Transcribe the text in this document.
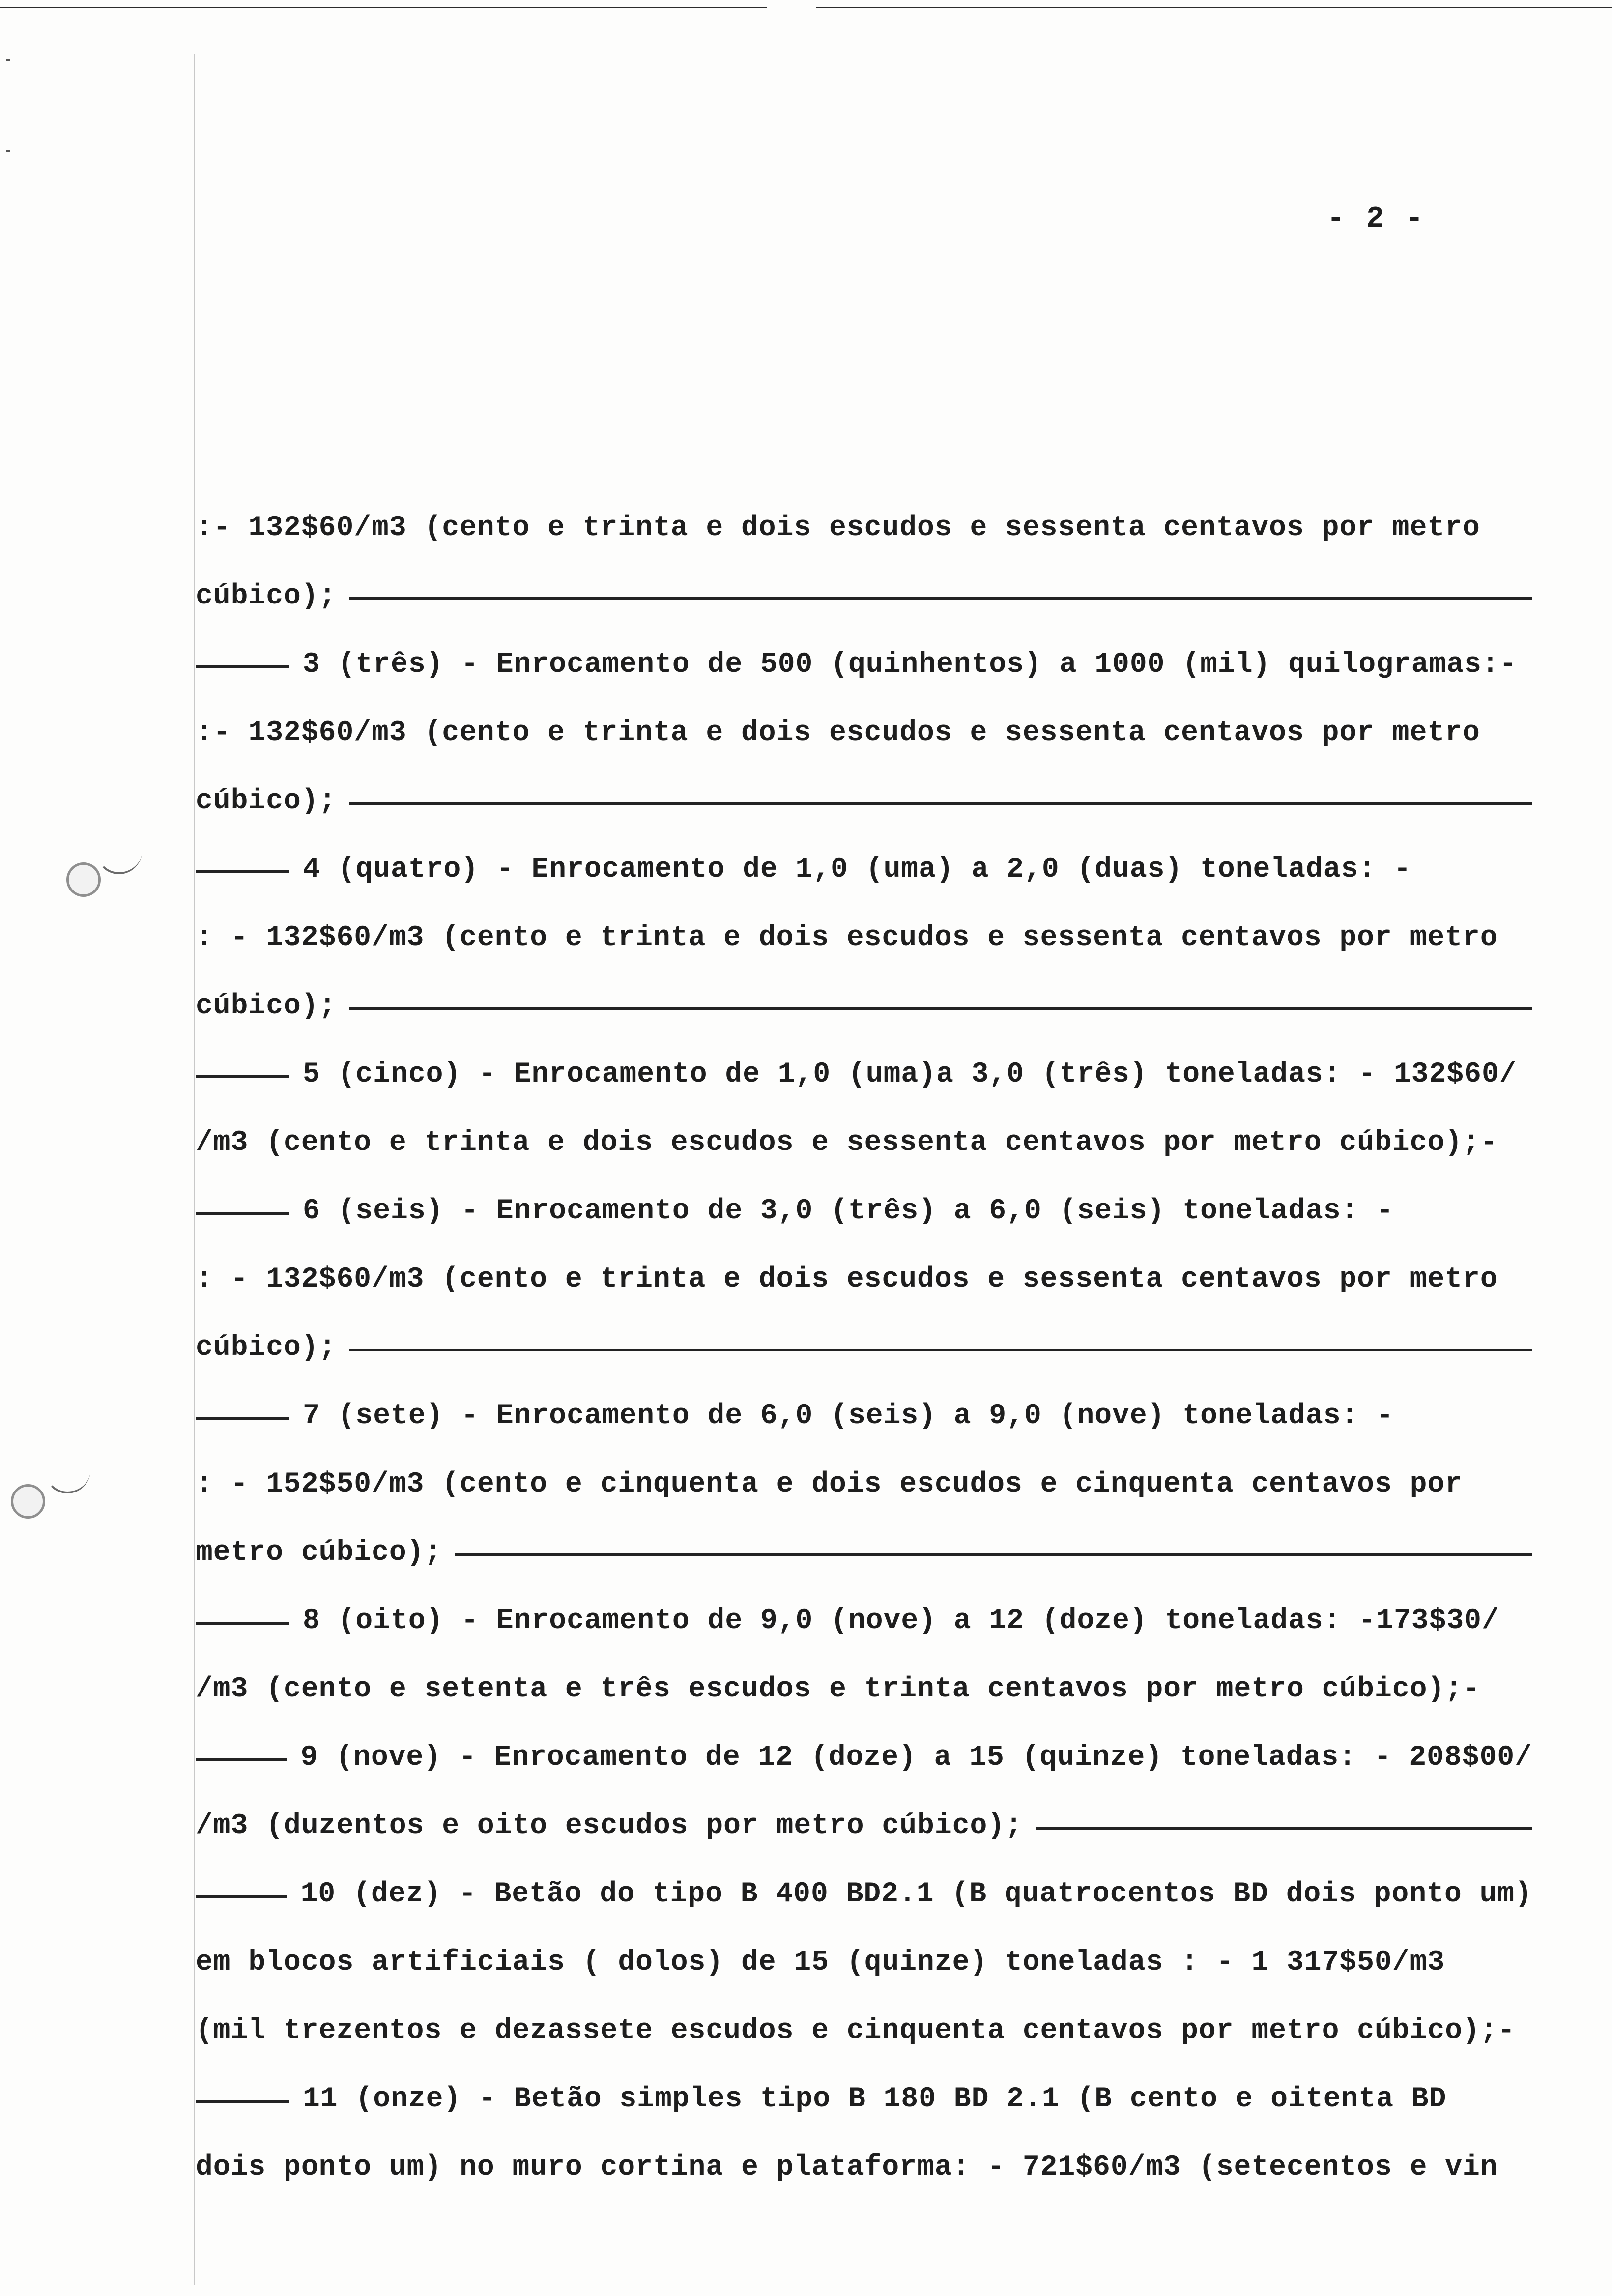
- 2 -
:- 132$60/m3 (cento e trinta e dois escudos e sessenta centavos por metro
cúbico);
3 (três) - Enrocamento de 500 (quinhentos) a 1000 (mil) quilogramas:-
:- 132$60/m3 (cento e trinta e dois escudos e sessenta centavos por metro
cúbico);
4 (quatro) - Enrocamento de 1,0 (uma) a 2,0 (duas) toneladas: -
: - 132$60/m3 (cento e trinta e dois escudos e sessenta centavos por metro
cúbico);
5 (cinco) - Enrocamento de 1,0 (uma)a 3,0 (três) toneladas: - 132$60/
/m3 (cento e trinta e dois escudos e sessenta centavos por metro cúbico);-
6 (seis) - Enrocamento de 3,0 (três) a 6,0 (seis) toneladas: -
: - 132$60/m3 (cento e trinta e dois escudos e sessenta centavos por metro
cúbico);
7 (sete) - Enrocamento de 6,0 (seis) a 9,0 (nove) toneladas: -
: - 152$50/m3 (cento e cinquenta e dois escudos e cinquenta centavos por
metro cúbico);
8 (oito) - Enrocamento de 9,0 (nove) a 12 (doze) toneladas: -173$30/
/m3 (cento e setenta e três escudos e trinta centavos por metro cúbico);-
9 (nove) - Enrocamento de 12 (doze) a 15 (quinze) toneladas: - 208$00/
/m3 (duzentos e oito escudos por metro cúbico);
10 (dez) - Betão do tipo B 400 BD2.1 (B quatrocentos BD dois ponto um)
em blocos artificiais ( dolos) de 15 (quinze) toneladas : - 1 317$50/m3
(mil trezentos e dezassete escudos e cinquenta centavos por metro cúbico);-
11 (onze) - Betão simples tipo B 180 BD 2.1 (B cento e oitenta BD
dois ponto um) no muro cortina e plataforma: - 721$60/m3 (setecentos e vin
